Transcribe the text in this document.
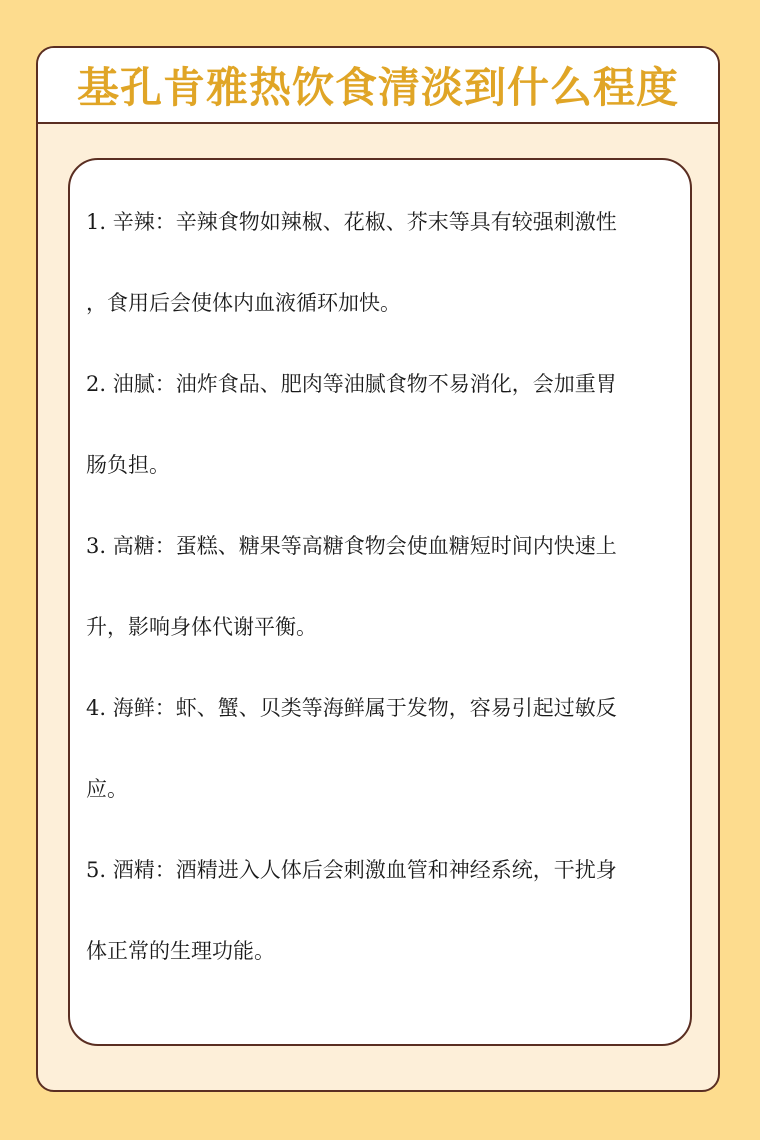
基孔肯雅热饮食清淡到什么程度

1. 辛辣：辛辣食物如辣椒、花椒、芥末等具有较强刺激性

，食用后会使体内血液循环加快。

2. 油腻：油炸食品、肥肉等油腻食物不易消化，会加重胃

肠负担。

3. 高糖：蛋糕、糖果等高糖食物会使血糖短时间内快速上

升，影响身体代谢平衡。

4. 海鲜：虾、蟹、贝类等海鲜属于发物，容易引起过敏反

应。

5. 酒精：酒精进入人体后会刺激血管和神经系统，干扰身

体正常的生理功能。
